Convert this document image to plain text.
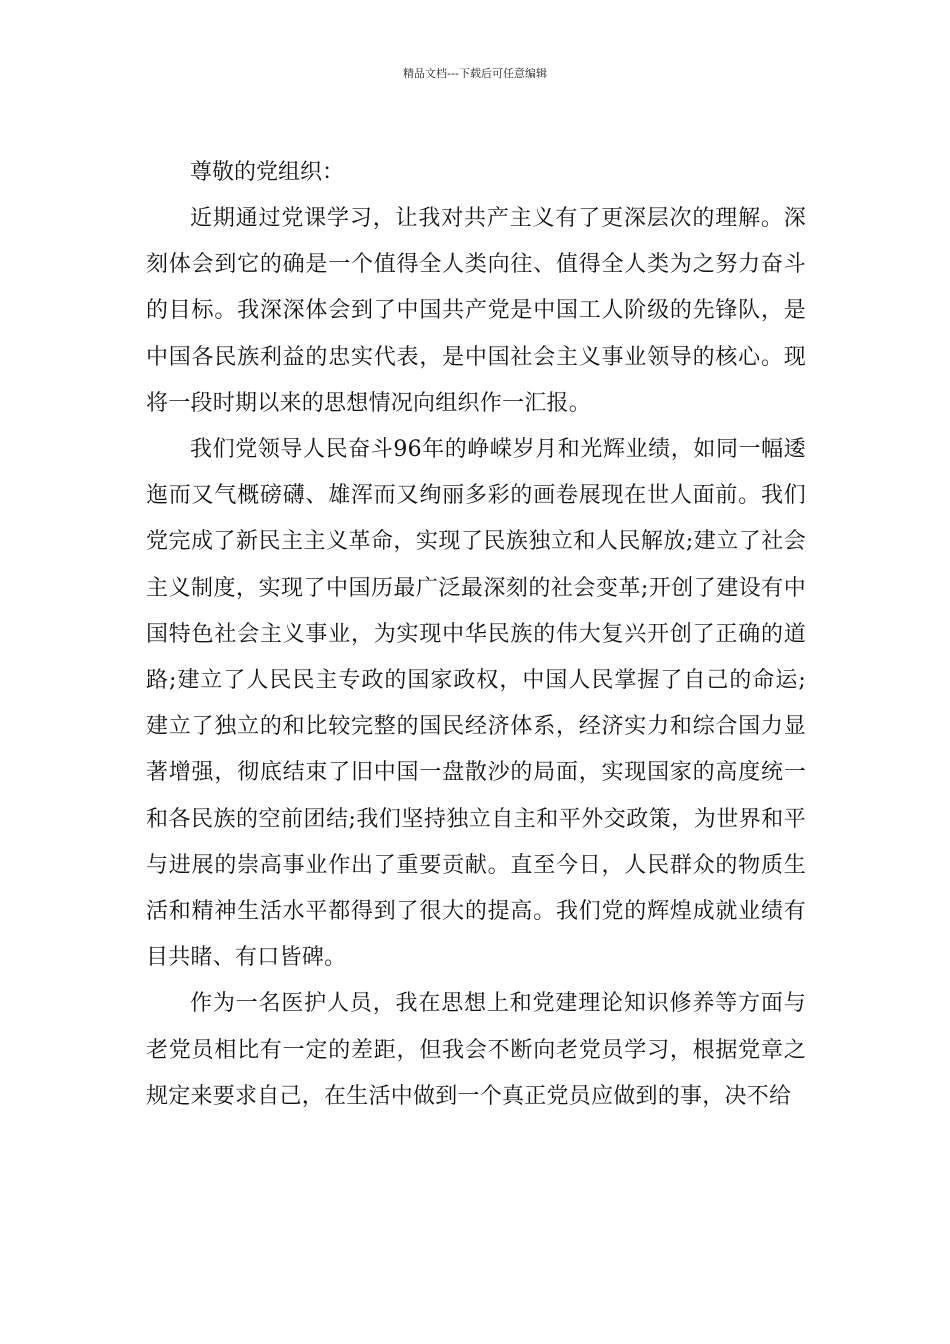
精品文档---下载后可任意编辑

尊敬的党组织：

近期通过党课学习，让我对共产主义有了更深层次的理解。深刻体会到它的确是一个值得全人类向往、值得全人类为之努力奋斗的目标。我深深体会到了中国共产党是中国工人阶级的先锋队，是中国各民族利益的忠实代表，是中国社会主义事业领导的核心。现将一段时期以来的思想情况向组织作一汇报。

我们党领导人民奋斗96年的峥嵘岁月和光辉业绩，如同一幅逶迤而又气概磅礴、雄浑而又绚丽多彩的画卷展现在世人面前。我们党完成了新民主主义革命，实现了民族独立和人民解放;建立了社会主义制度，实现了中国历最广泛最深刻的社会变革;开创了建设有中国特色社会主义事业，为实现中华民族的伟大复兴开创了正确的道路;建立了人民民主专政的国家政权，中国人民掌握了自己的命运;建立了独立的和比较完整的国民经济体系，经济实力和综合国力显著增强，彻底结束了旧中国一盘散沙的局面，实现国家的高度统一和各民族的空前团结;我们坚持独立自主和平外交政策，为世界和平与进展的崇高事业作出了重要贡献。直至今日，人民群众的物质生活和精神生活水平都得到了很大的提高。我们党的辉煌成就业绩有目共睹、有口皆碑。

作为一名医护人员，我在思想上和党建理论知识修养等方面与老党员相比有一定的差距，但我会不断向老党员学习，根据党章之规定来要求自己，在生活中做到一个真正党员应做到的事，决不给
